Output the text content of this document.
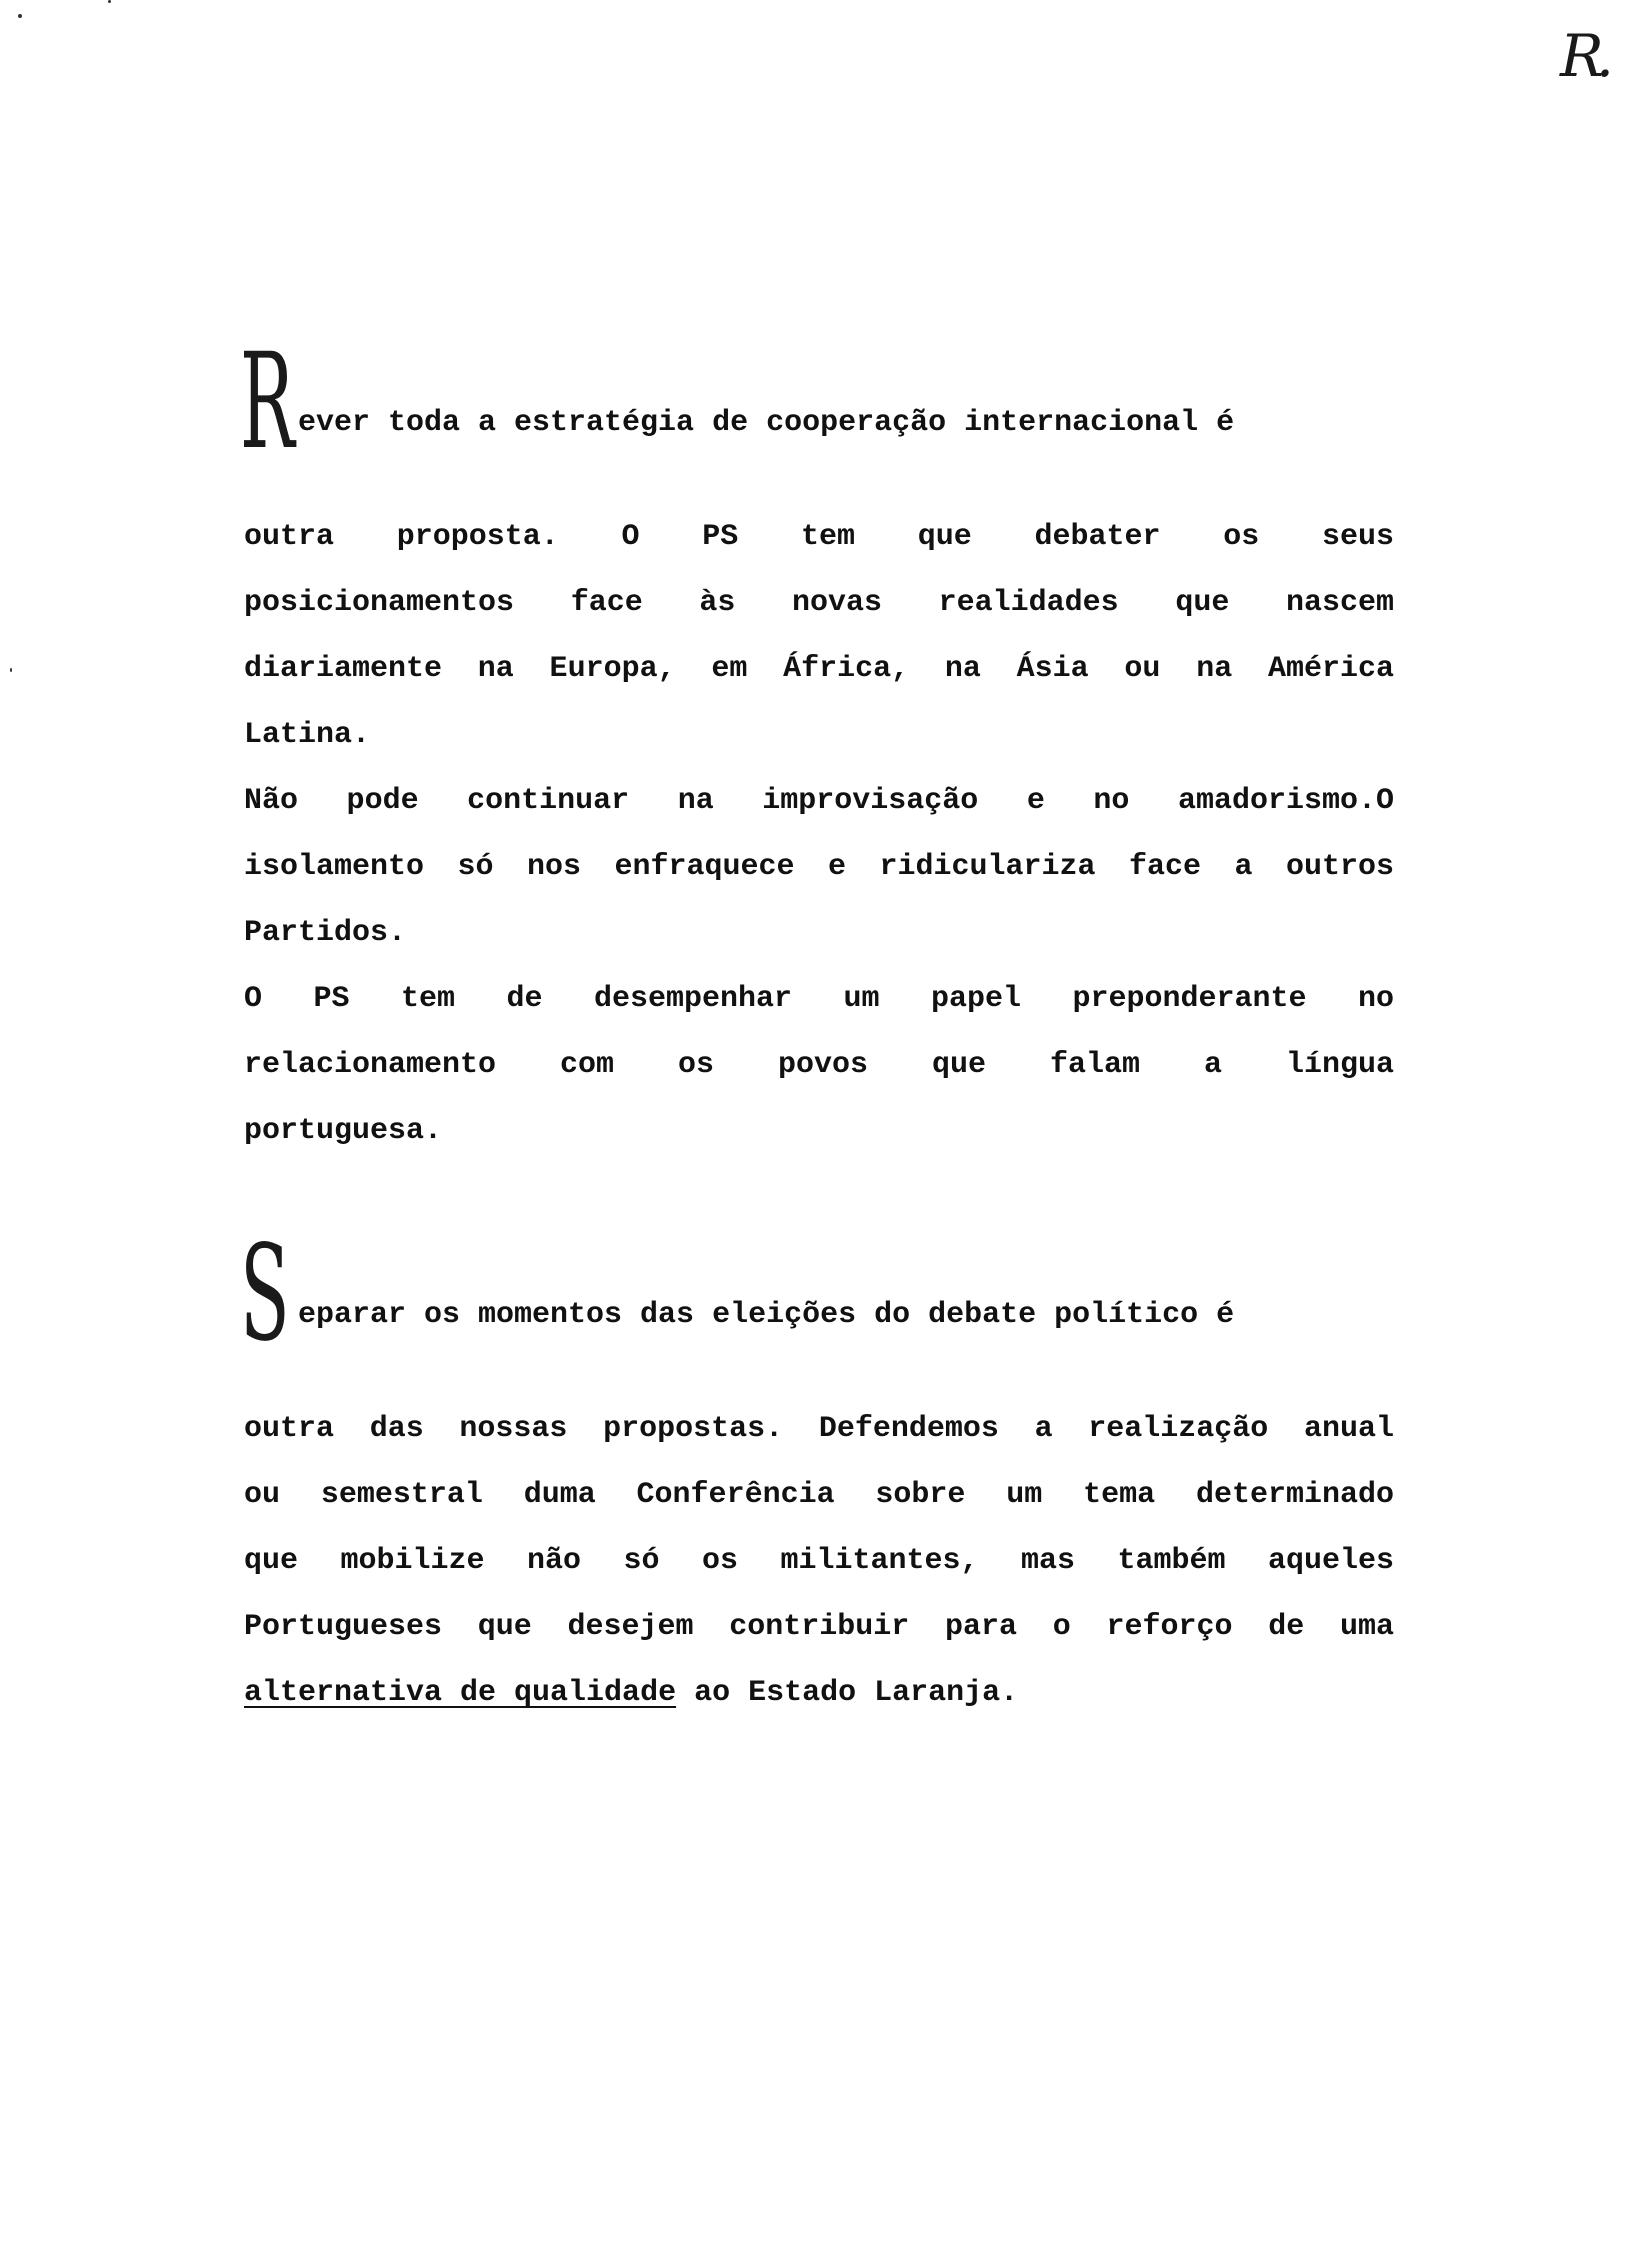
R.
R ever toda a estratégia de cooperação internacional é
outra proposta. O PS tem que debater os seus
posicionamentos face às novas realidades que nascem
diariamente na Europa, em África, na Ásia ou na América
Latina.
Não pode continuar na improvisação e no amadorismo.O
isolamento só nos enfraquece e ridiculariza face a outros
Partidos.
O PS tem de desempenhar um papel preponderante no
relacionamento com os povos que falam a língua
portuguesa.
S eparar os momentos das eleições do debate político é
outra das nossas propostas. Defendemos a realização anual
ou semestral duma Conferência sobre um tema determinado
que mobilize não só os militantes, mas também aqueles
Portugueses que desejem contribuir para o reforço de uma
alternativa de qualidade ao Estado Laranja.
